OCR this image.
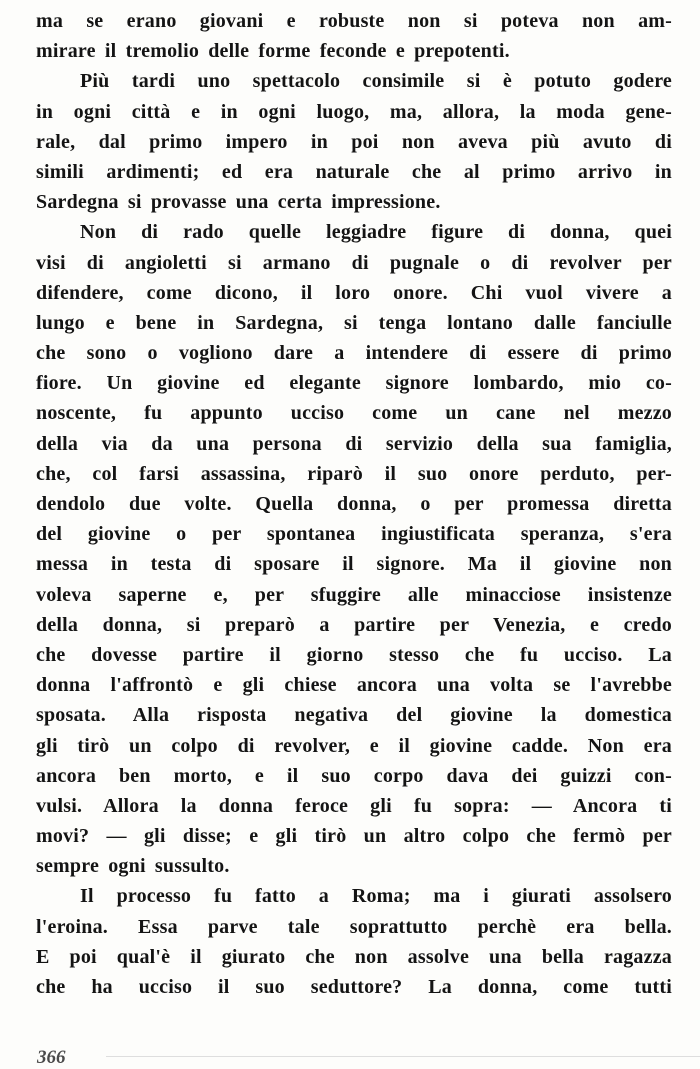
ma se erano giovani e robuste non si poteva non am-
mirare il tremolio delle forme feconde e prepotenti.
Più tardi uno spettacolo consimile si è potuto godere
in ogni città e in ogni luogo, ma, allora, la moda gene-
rale, dal primo impero in poi non aveva più avuto di
simili ardimenti; ed era naturale che al primo arrivo in
Sardegna si provasse una certa impressione.
Non di rado quelle leggiadre figure di donna, quei
visi di angioletti si armano di pugnale o di revolver per
difendere, come dicono, il loro onore. Chi vuol vivere a
lungo e bene in Sardegna, si tenga lontano dalle fanciulle
che sono o vogliono dare a intendere di essere di primo
fiore. Un giovine ed elegante signore lombardo, mio co-
noscente, fu appunto ucciso come un cane nel mezzo
della via da una persona di servizio della sua famiglia,
che, col farsi assassina, riparò il suo onore perduto, per-
dendolo due volte. Quella donna, o per promessa diretta
del giovine o per spontanea ingiustificata speranza, s'era
messa in testa di sposare il signore. Ma il giovine non
voleva saperne e, per sfuggire alle minacciose insistenze
della donna, si preparò a partire per Venezia, e credo
che dovesse partire il giorno stesso che fu ucciso. La
donna l'affrontò e gli chiese ancora una volta se l'avrebbe
sposata. Alla risposta negativa del giovine la domestica
gli tirò un colpo di revolver, e il giovine cadde. Non era
ancora ben morto, e il suo corpo dava dei guizzi con-
vulsi. Allora la donna feroce gli fu sopra: — Ancora ti
movi? — gli disse; e gli tirò un altro colpo che fermò per
sempre ogni sussulto.
Il processo fu fatto a Roma; ma i giurati assolsero
l'eroina. Essa parve tale soprattutto perchè era bella.
E poi qual'è il giurato che non assolve una bella ragazza
che ha ucciso il suo seduttore? La donna, come tutti
366
